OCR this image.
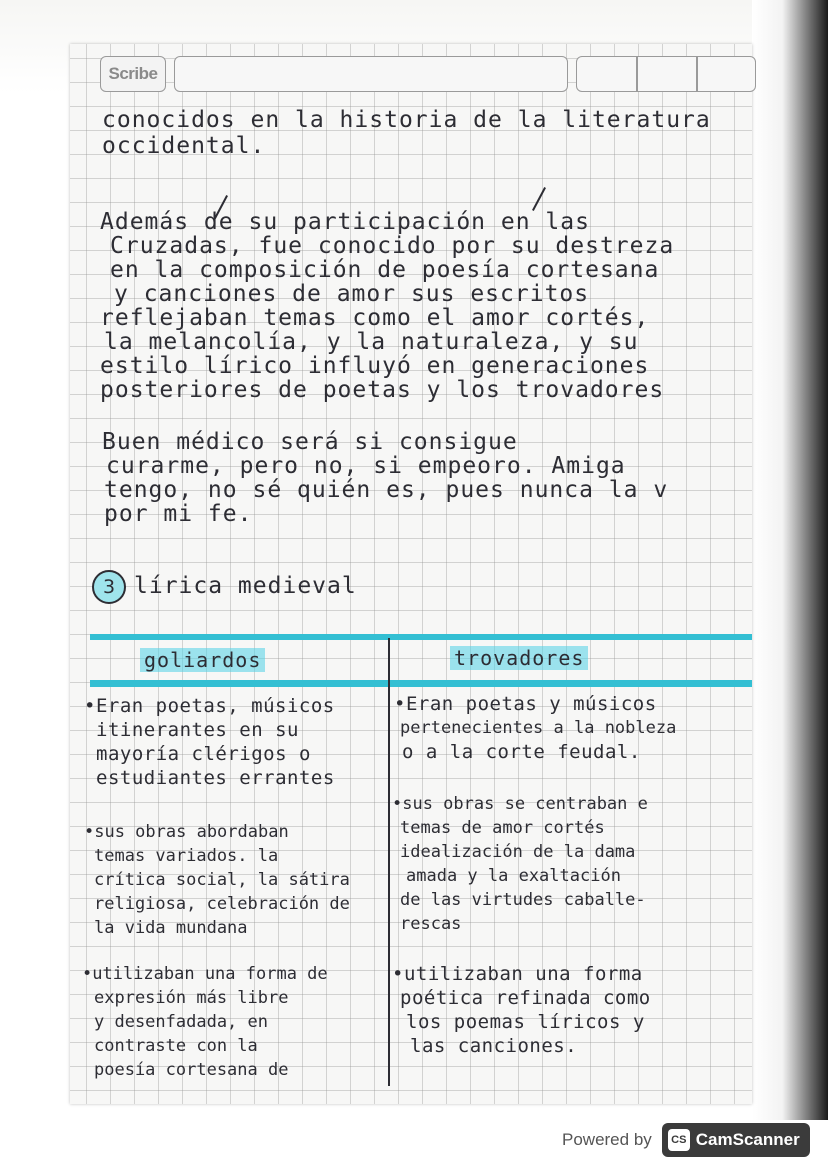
Scribe
conocidos en la historia de la literatura
occidental.
Además de su participación en las
Cruzadas, fue conocido por su destreza
en la composición de poesía cortesana
y canciones de amor sus escritos
reflejaban temas como el amor cortés,
la melancolía, y la naturaleza, y su
estilo lírico influyó en generaciones
posteriores de poetas y los trovadores
Buen médico será si consigue
curarme, pero no, si empeoro. Amiga
tengo, no sé quién es, pues nunca la v
por mi fe.
3 lírica medieval
goliardos	trovadores
•Eran poetas, músicos
itinerantes en su
mayoría clérigos o
estudiantes errantes
•sus obras abordaban
temas variados. la
crítica social, la sátira
religiosa, celebración de
la vida mundana
•utilizaban una forma de
expresión más libre
y desenfadada, en
contraste con la
poesía cortesana de
•Eran poetas y músicos
pertenecientes a la nobleza
o a la corte feudal.
•sus obras se centraban e
temas de amor cortés
idealización de la dama
amada y la exaltación
de las virtudes caballe-
rescas
•utilizaban una forma
poética refinada como
los poemas líricos y
las canciones.
Powered by	CS CamScanner
